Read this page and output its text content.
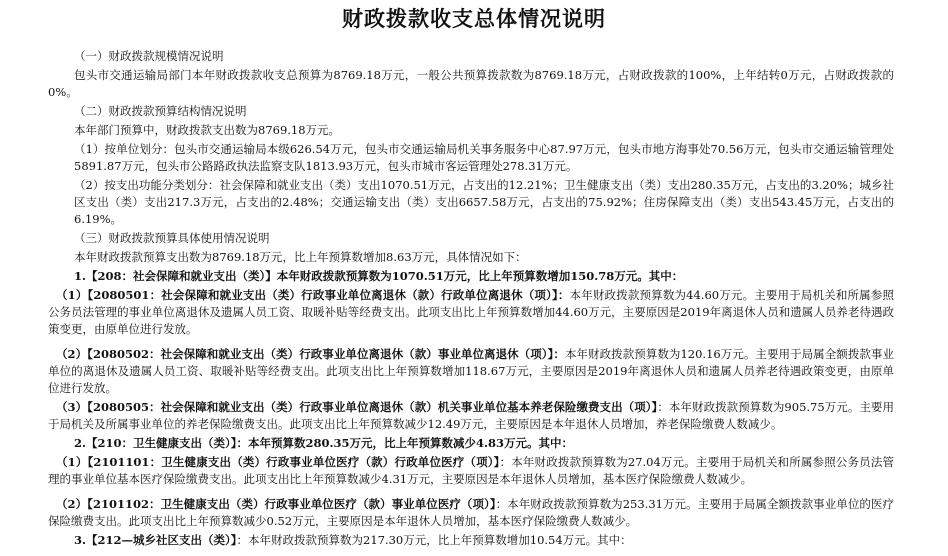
财政拨款收支总体情况说明

（一）财政拨款规模情况说明

包头市交通运输局部门本年财政拨款收支总预算为8769.18万元，一般公共预算拨款数为8769.18万元，占财政拨款的100%，上年结转0万元，占财政拨款的0%。

（二）财政拨款预算结构情况说明

本年部门预算中，财政拨款支出数为8769.18万元。

（1）按单位划分：包头市交通运输局本级626.54万元，包头市交通运输局机关事务服务中心87.97万元，包头市地方海事处70.56万元，包头市交通运输管理处5891.87万元，包头市公路路政执法监察支队1813.93万元，包头市城市客运管理处278.31万元。

（2）按支出功能分类划分：社会保障和就业支出（类）支出1070.51万元，占支出的12.21%；卫生健康支出（类）支出280.35万元，占支出的3.20%；城乡社区支出（类）支出217.3万元，占支出的2.48%；交通运输支出（类）支出6657.58万元，占支出的75.92%；住房保障支出（类）支出543.45万元，占支出的6.19%。

（三）财政拨款预算具体使用情况说明

本年财政拨款预算支出数为8769.18万元，比上年预算数增加8.63万元，具体情况如下：

1.【208：社会保障和就业支出（类）】本年财政拨款预算数为1070.51万元，比上年预算数增加150.78万元。其中：

（1）【2080501：社会保障和就业支出（类）行政事业单位离退休（款）行政单位离退休（项）】：本年财政拨款预算数为44.60万元。主要用于局机关和所属参照公务员法管理的事业单位离退休及遗属人员工资、取暖补贴等经费支出。此项支出比上年预算数增加44.60万元，主要原因是2019年离退休人员和遗属人员养老待遇政策变更，由原单位进行发放。

（2）【2080502：社会保障和就业支出（类）行政事业单位离退休（款）事业单位离退休（项）】：本年财政拨款预算数为120.16万元。主要用于局属全额拨款事业单位的离退休及遗属人员工资、取暖补贴等经费支出。此项支出比上年预算数增加118.67万元，主要原因是2019年离退休人员和遗属人员养老待遇政策变更，由原单位进行发放。

（3）【2080505：社会保障和就业支出（类）行政事业单位离退休（款）机关事业单位基本养老保险缴费支出（项）】：本年财政拨款预算数为905.75万元。主要用于局机关及所属事业单位的养老保险缴费支出。此项支出比上年预算数减少12.49万元，主要原因是本年退休人员增加，养老保险缴费人数减少。

2.【210：卫生健康支出（类）】：本年预算数280.35万元，比上年预算数减少4.83万元。其中：

（1）【2101101：卫生健康支出（类）行政事业单位医疗（款）行政单位医疗（项）】：本年财政拨款预算数为27.04万元。主要用于局机关和所属参照公务员法管理的事业单位基本医疗保险缴费支出。此项支出比上年预算数减少4.31万元，主要原因是本年退休人员增加，基本医疗保险缴费人数减少。

（2）【2101102：卫生健康支出（类）行政事业单位医疗（款）事业单位医疗（项）】：本年财政拨款预算数为253.31万元。主要用于局属全额拨款事业单位的医疗保险缴费支出。此项支出比上年预算数减少0.52万元，主要原因是本年退休人员增加，基本医疗保险缴费人数减少。

3.【212—城乡社区支出（类）】：本年财政拨款预算数为217.30万元，比上年预算数增加10.54万元。其中：
